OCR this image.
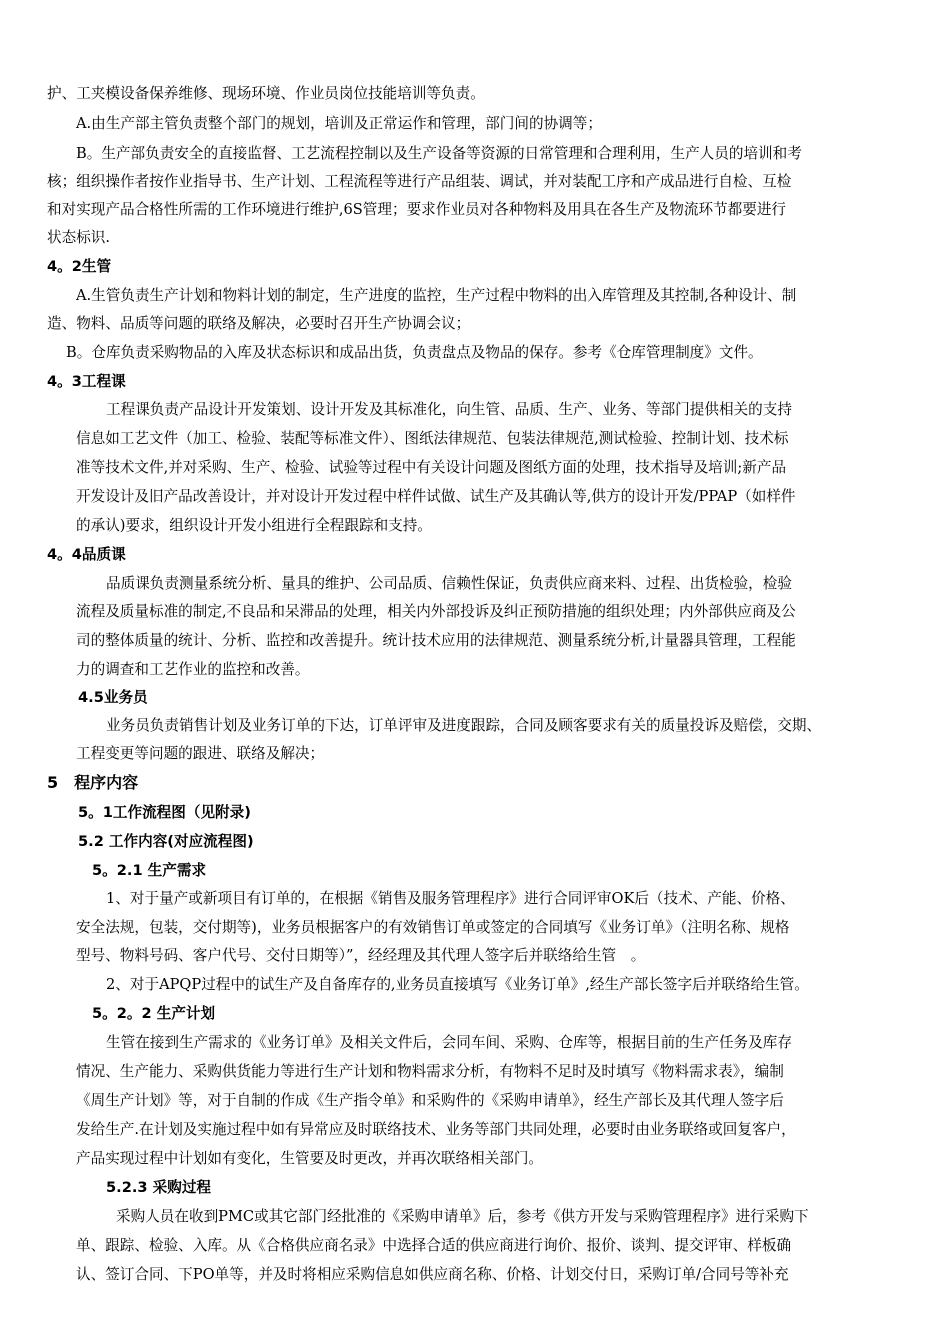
护、工夹模设备保养维修、现场环境、作业员岗位技能培训等负责。
A.由生产部主管负责整个部门的规划，培训及正常运作和管理，部门间的协调等；
B。生产部负责安全的直接监督、工艺流程控制以及生产设备等资源的日常管理和合理利用，生产人员的培训和考
核；组织操作者按作业指导书、生产计划、工程流程等进行产品组装、调试，并对装配工序和产成品进行自检、互检
和对实现产品合格性所需的工作环境进行维护,6S管理；要求作业员对各种物料及用具在各生产及物流环节都要进行
状态标识.
4。2生管
A.生管负责生产计划和物料计划的制定，生产进度的监控，生产过程中物料的出入库管理及其控制,各种设计、制
造、物料、品质等问题的联络及解决，必要时召开生产协调会议；
B。仓库负责采购物品的入库及状态标识和成品出货，负责盘点及物品的保存。参考《仓库管理制度》文件。
4。3工程课
工程课负责产品设计开发策划、设计开发及其标准化，向生管、品质、生产、业务、等部门提供相关的支持
信息如工艺文件（加工、检验、装配等标准文件）、图纸法律规范、包装法律规范,测试检验、控制计划、技术标
准等技术文件,并对采购、生产、检验、试验等过程中有关设计问题及图纸方面的处理，技术指导及培训;新产品
开发设计及旧产品改善设计，并对设计开发过程中样件试做、试生产及其确认等,供方的设计开发/PPAP（如样件
的承认)要求，组织设计开发小组进行全程跟踪和支持。
4。4品质课
品质课负责测量系统分析、量具的维护、公司品质、信赖性保证，负责供应商来料、过程、出货检验，检验
流程及质量标准的制定,不良品和呆滞品的处理，相关内外部投诉及纠正预防措施的组织处理；内外部供应商及公
司的整体质量的统计、分析、监控和改善提升。统计技术应用的法律规范、测量系统分析,计量器具管理，工程能
力的调查和工艺作业的监控和改善。
4.5业务员
业务员负责销售计划及业务订单的下达，订单评审及进度跟踪，合同及顾客要求有关的质量投诉及赔偿，交期、
工程变更等问题的跟进、联络及解决；
5　程序内容
5。1工作流程图（见附录)
5.2 工作内容(对应流程图)
5。2.1 生产需求
1、对于量产或新项目有订单的，在根据《销售及服务管理程序》进行合同评审OK后（技术、产能、价格、
安全法规，包装，交付期等)，业务员根据客户的有效销售订单或签定的合同填写《业务订单》（注明名称、规格
型号、物料号码、客户代号、交付日期等）”，经经理及其代理人签字后并联络给生管　。
2、对于APQP过程中的试生产及自备库存的,业务员直接填写《业务订单》,经生产部长签字后并联络给生管。
5。2。2 生产计划
生管在接到生产需求的《业务订单》及相关文件后，会同车间、采购、仓库等，根据目前的生产任务及库存
情况、生产能力、采购供货能力等进行生产计划和物料需求分析，有物料不足时及时填写《物料需求表》，编制
《周生产计划》等，对于自制的作成《生产指令单》和采购件的《采购申请单》，经生产部长及其代理人签字后
发给生产.在计划及实施过程中如有异常应及时联络技术、业务等部门共同处理，必要时由业务联络或回复客户，
产品实现过程中计划如有变化，生管要及时更改，并再次联络相关部门。
5.2.3 采购过程
采购人员在收到PMC或其它部门经批准的《采购申请单》后，参考《供方开发与采购管理程序》进行采购下
单、跟踪、检验、入库。从《合格供应商名录》中选择合适的供应商进行询价、报价、谈判、提交评审、样板确
认、签订合同、下PO单等，并及时将相应采购信息如供应商名称、价格、计划交付日，采购订单/合同号等补充
